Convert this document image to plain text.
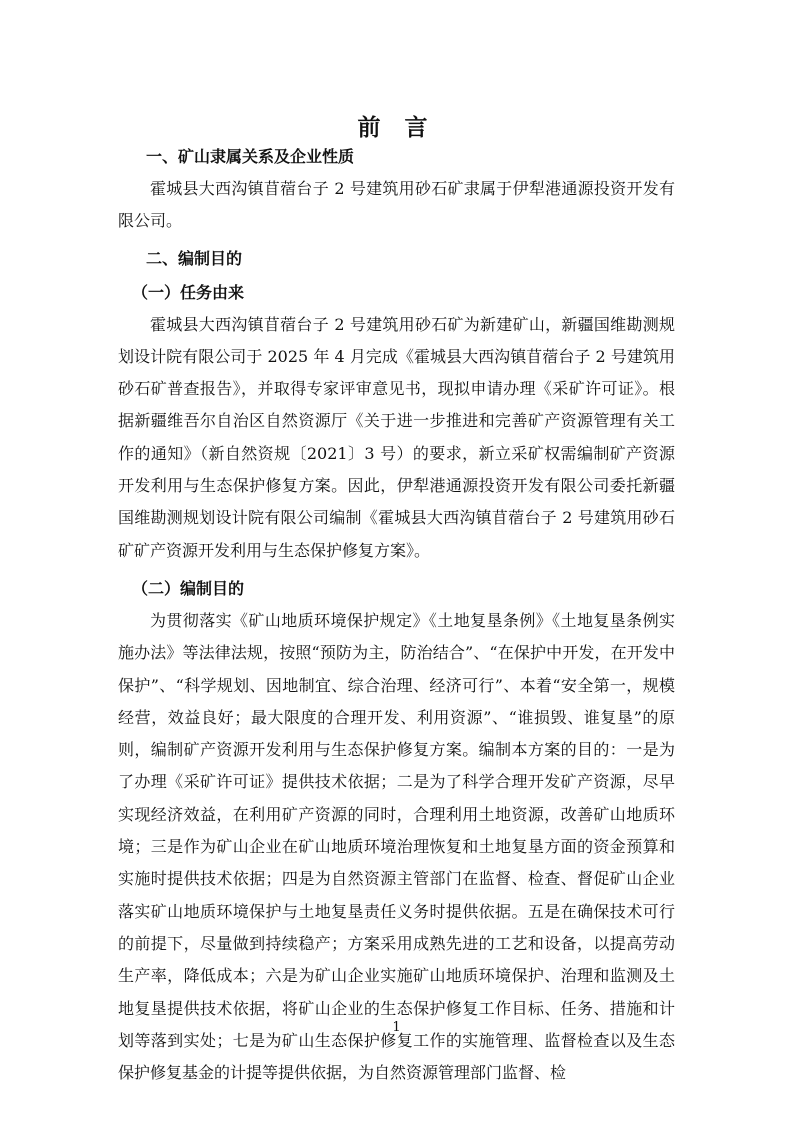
前 言
一、矿山隶属关系及企业性质

霍城县大西沟镇苜蓿台子 2 号建筑用砂石矿隶属于伊犁港通源投资开发有限公司。

二、编制目的
（一）任务由来

霍城县大西沟镇苜蓿台子 2 号建筑用砂石矿为新建矿山，新疆国维勘测规划设计院有限公司于 2025 年 4 月完成《霍城县大西沟镇苜蓿台子 2 号建筑用砂石矿普查报告》，并取得专家评审意见书，现拟申请办理《采矿许可证》。根据新疆维吾尔自治区自然资源厅《关于进一步推进和完善矿产资源管理有关工作的通知》（新自然资规〔2021〕3 号）的要求，新立采矿权需编制矿产资源开发利用与生态保护修复方案。因此，伊犁港通源投资开发有限公司委托新疆国维勘测规划设计院有限公司编制《霍城县大西沟镇苜蓿台子 2 号建筑用砂石矿矿产资源开发利用与生态保护修复方案》。

（二）编制目的

为贯彻落实《矿山地质环境保护规定》《土地复垦条例》《土地复垦条例实施办法》等法律法规，按照“预防为主，防治结合”、“在保护中开发，在开发中保护”、“科学规划、因地制宜、综合治理、经济可行”、本着“安全第一，规模经营，效益良好；最大限度的合理开发、利用资源”、“谁损毁、谁复垦”的原则，编制矿产资源开发利用与生态保护修复方案。编制本方案的目的：一是为了办理《采矿许可证》提供技术依据；二是为了科学合理开发矿产资源，尽早实现经济效益，在利用矿产资源的同时，合理利用土地资源，改善矿山地质环境；三是作为矿山企业在矿山地质环境治理恢复和土地复垦方面的资金预算和实施时提供技术依据；四是为自然资源主管部门在监督、检查、督促矿山企业落实矿山地质环境保护与土地复垦责任义务时提供依据。五是在确保技术可行的前提下，尽量做到持续稳产；方案采用成熟先进的工艺和设备，以提高劳动生产率，降低成本；六是为矿山企业实施矿山地质环境保护、治理和监测及土地复垦提供技术依据，将矿山企业的生态保护修复工作目标、任务、措施和计划等落到实处；七是为矿山生态保护修复工作的实施管理、监督检查以及生态保护修复基金的计提等提供依据，为自然资源管理部门监督、检

1
